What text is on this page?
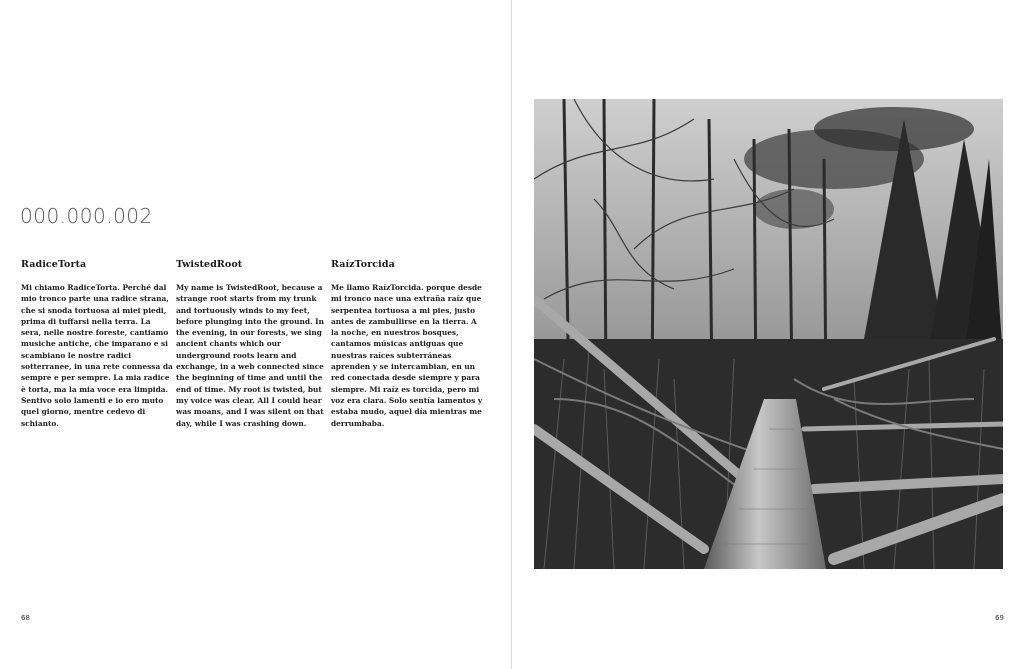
000.000.002
RadiceTorta

Mi chiamo RadiceTorta. Perché dal mio tronco parte una radice strana, che si snoda tortuosa ai miei piedi, prima di tuffarsi nella terra. La sera, nelle nostre foreste, cantiamo musiche antiche, che imparano e si scambiano le nostre radici sotterranee, in una rete connessa da sempre e per sempre. La mia radice è torta, ma la mia voce era limpida. Sentivo solo lamenti e io ero muto quel giorno, mentre cedevo di schianto.

TwistedRoot

My name is TwistedRoot, because a strange root starts from my trunk and tortuously winds to my feet, before plunging into the ground. In the evening, in our forests, we sing ancient chants which our underground roots learn and exchange, in a web connected since the beginning of time and until the end of time. My root is twisted, but my voice was clear. All I could hear was moans, and I was silent on that day, while I was crashing down.

RaízTorcida

Me llamo RaízTorcida. porque desde mi tronco nace una extraña raíz que serpentea tortuosa a mi pies, justo antes de zambullirse en la tierra. A la noche, en nuestros bosques, cantamos músicas antiguas que nuestras raíces subterráneas aprenden y se intercambian, en un red conectada desde siempre y para siempre. Mi raíz es torcida, pero mi voz era clara. Solo sentía lamentos y estaba mudo, aquel día mientras me derrumbaba.

68	69
